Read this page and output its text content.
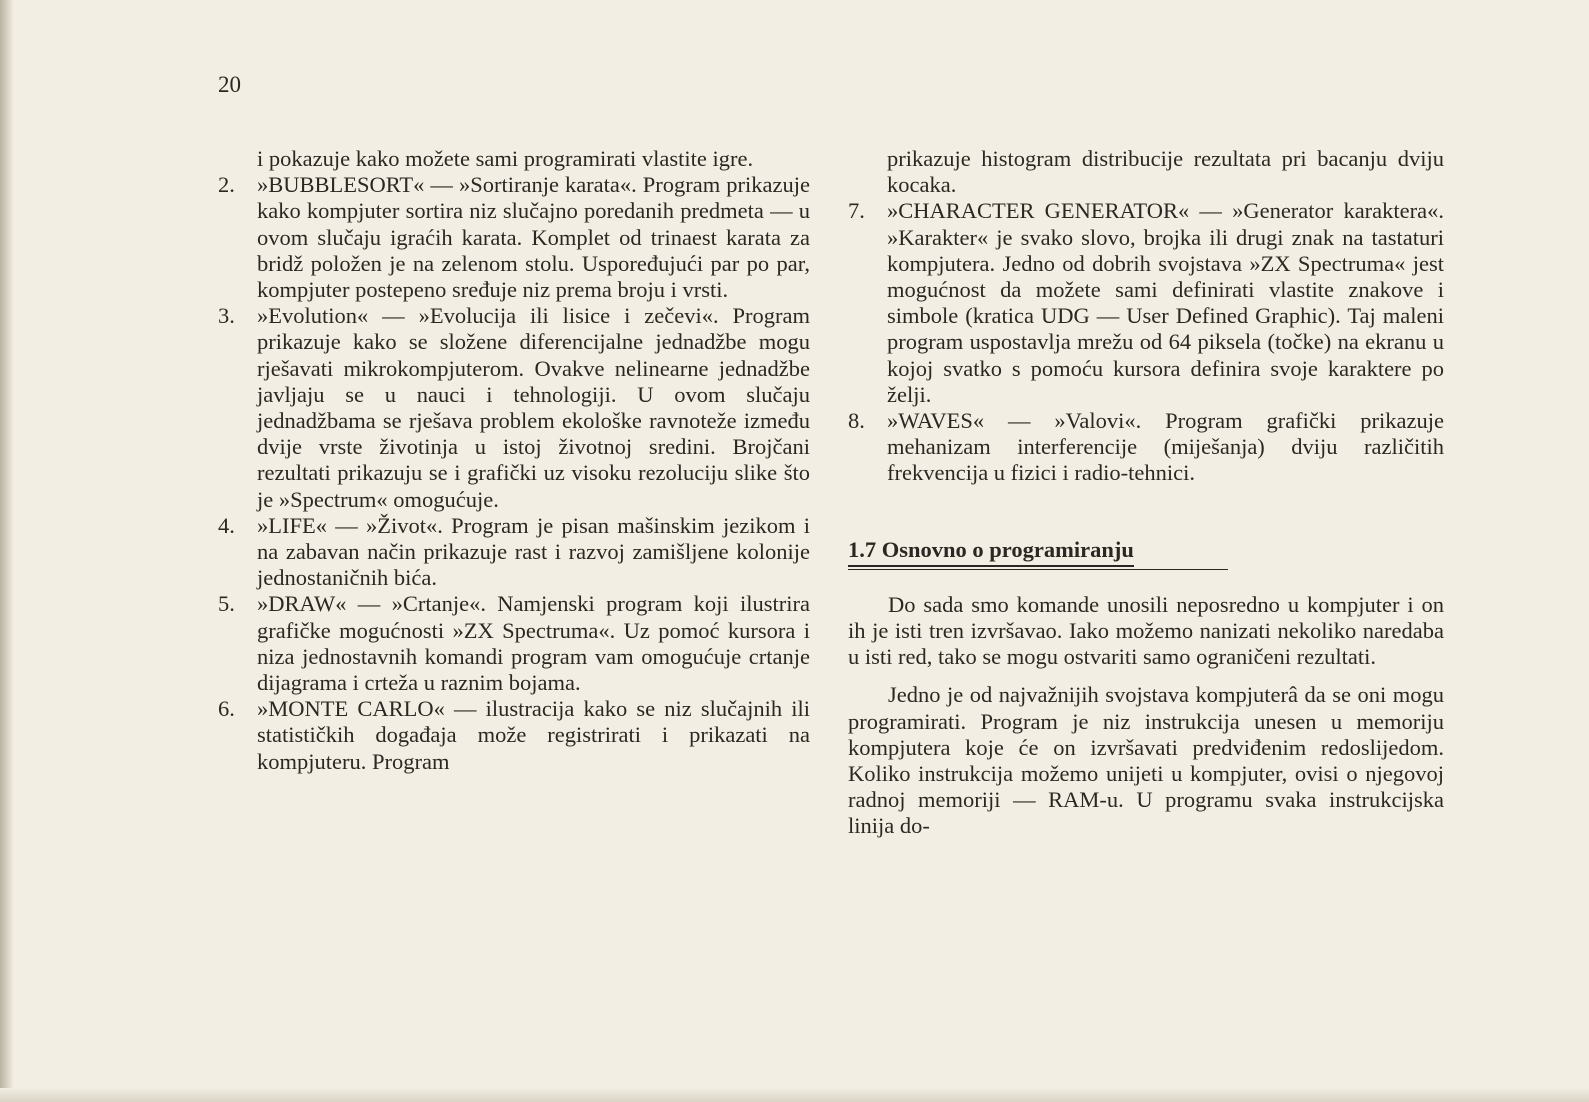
20
i pokazuje kako možete sami programirati vlastite igre.
2. »BUBBLESORT« — »Sortiranje karata«. Program prikazuje kako kompjuter sortira niz slučajno poredanih predmeta — u ovom slučaju igraćih karata. Komplet od trinaest karata za bridž položen je na zelenom stolu. Uspoređujući par po par, kompjuter postepeno sređuje niz prema broju i vrsti.
3. »Evolution« — »Evolucija ili lisice i zečevi«. Program prikazuje kako se složene diferencijalne jednadžbe mogu rješavati mikrokompjuterom. Ovakve nelinearne jednadžbe javljaju se u nauci i tehnologiji. U ovom slučaju jednadžbama se rješava problem ekološke ravnoteže između dvije vrste životinja u istoj životnoj sredini. Brojčani rezultati prikazuju se i grafički uz visoku rezoluciju slike što je »Spectrum« omogućuje.
4. »LIFE« — »Život«. Program je pisan mašinskim jezikom i na zabavan način prikazuje rast i razvoj zamišljene kolonije jednostaničnih bića.
5. »DRAW« — »Crtanje«. Namjenski program koji ilustrira grafičke mogućnosti »ZX Spectruma«. Uz pomoć kursora i niza jednostavnih komandi program vam omogućuje crtanje dijagrama i crteža u raznim bojama.
6. »MONTE CARLO« — ilustracija kako se niz slučajnih ili statističkih događaja može registrirati i prikazati na kompjuteru. Program
prikazuje histogram distribucije rezultata pri bacanju dviju kocaka.
7. »CHARACTER GENERATOR« — »Generator karaktera«. »Karakter« je svako slovo, brojka ili drugi znak na tastaturi kompjutera. Jedno od dobrih svojstava »ZX Spectruma« jest mogućnost da možete sami definirati vlastite znakove i simbole (kratica UDG — User Defined Graphic). Taj maleni program uspostavlja mrežu od 64 piksela (točke) na ekranu u kojoj svatko s pomoću kursora definira svoje karaktere po želji.
8. »WAVES« — »Valovi«. Program grafički prikazuje mehanizam interferencije (miješanja) dviju različitih frekvencija u fizici i radio-tehnici.
1.7 Osnovno o programiranju
Do sada smo komande unosili neposredno u kompjuter i on ih je isti tren izvršavao. Iako možemo nanizati nekoliko naredaba u isti red, tako se mogu ostvariti samo ograničeni rezultati.
Jedno je od najvažnijih svojstava kompjuterâ da se oni mogu programirati. Program je niz instrukcija unesen u memoriju kompjutera koje će on izvršavati predviđenim redoslijedom. Koliko instrukcija možemo unijeti u kompjuter, ovisi o njegovoj radnoj memoriji — RAM-u. U programu svaka instrukcijska linija do-
